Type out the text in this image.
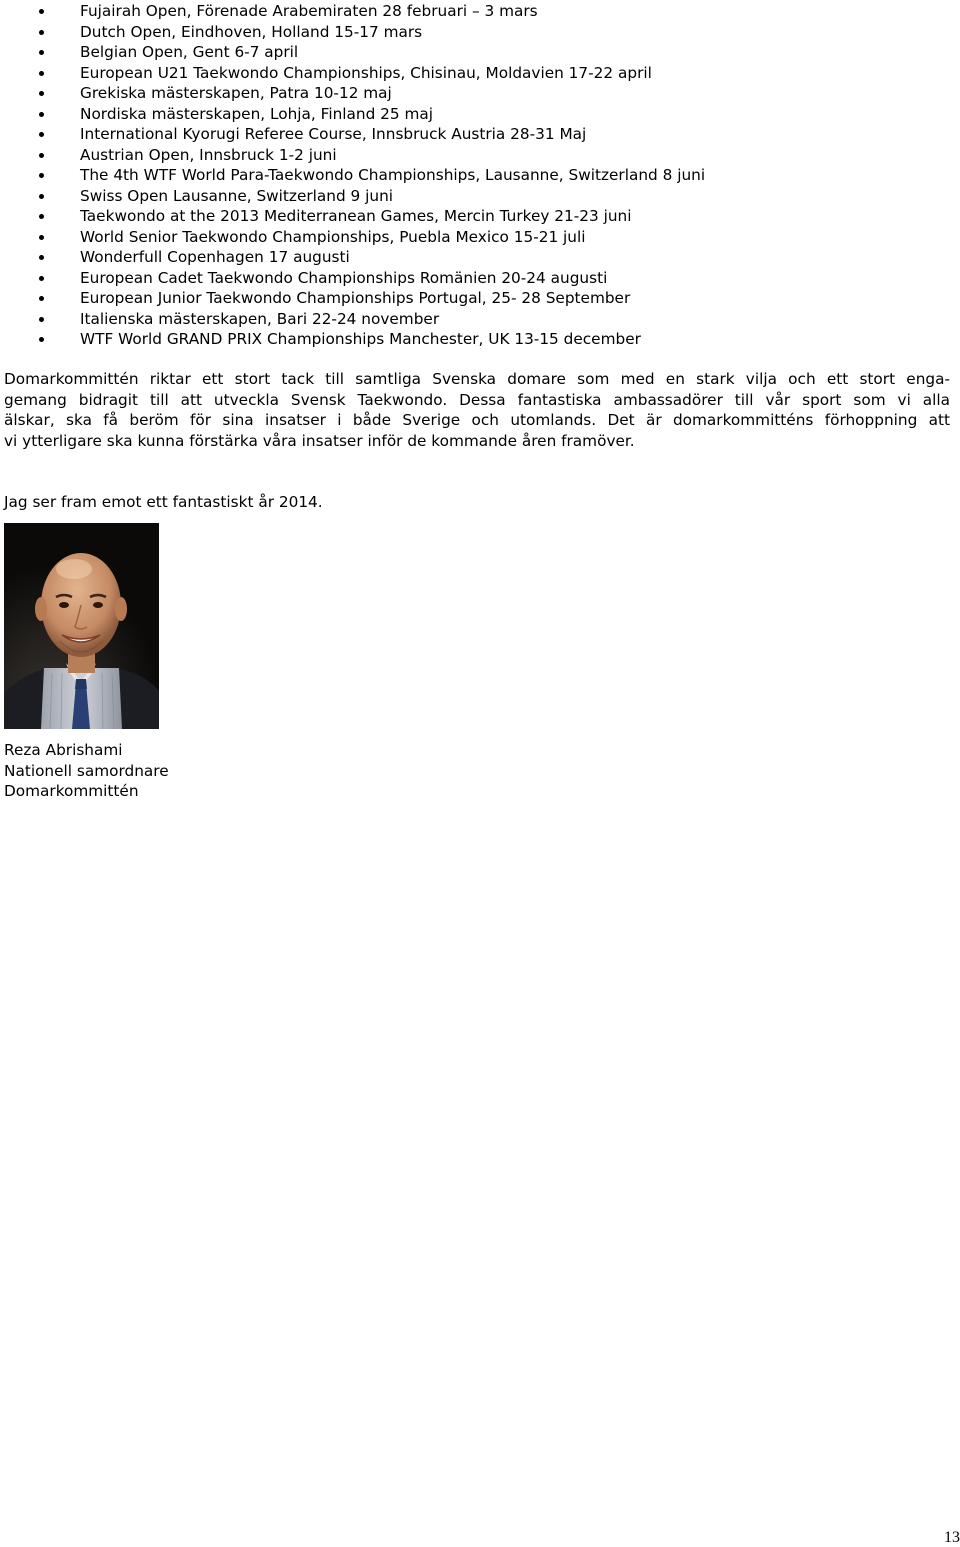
Fujairah Open, Förenade Arabemiraten 28 februari – 3 mars
Dutch Open, Eindhoven, Holland 15-17 mars
Belgian Open, Gent 6-7 april
European U21 Taekwondo Championships, Chisinau, Moldavien 17-22 april
Grekiska mästerskapen, Patra 10-12 maj
Nordiska mästerskapen, Lohja, Finland 25 maj
International Kyorugi Referee Course, Innsbruck Austria 28-31 Maj
Austrian Open, Innsbruck 1-2 juni
The 4th WTF World Para-Taekwondo Championships, Lausanne, Switzerland 8 juni
Swiss Open Lausanne, Switzerland 9 juni
Taekwondo at the 2013 Mediterranean Games, Mercin Turkey 21-23 juni
World Senior Taekwondo Championships, Puebla Mexico 15-21 juli
Wonderfull Copenhagen 17 augusti
European Cadet Taekwondo Championships Romänien 20-24 augusti
European Junior Taekwondo Championships Portugal, 25- 28 September
Italienska mästerskapen, Bari 22-24 november
WTF World GRAND PRIX Championships Manchester, UK 13-15 december
Domarkommittén riktar ett stort tack till samtliga Svenska domare som med en stark vilja och ett stort enga-
gemang bidragit till att utveckla Svensk Taekwondo. Dessa fantastiska ambassadörer till vår sport som vi alla
älskar, ska få beröm för sina insatser i både Sverige och utomlands. Det är domarkommitténs förhoppning att
vi ytterligare ska kunna förstärka våra insatser inför de kommande åren framöver.

Jag ser fram emot ett fantastiskt år 2014.

Reza Abrishami
Nationell samordnare
Domarkommittén
13
